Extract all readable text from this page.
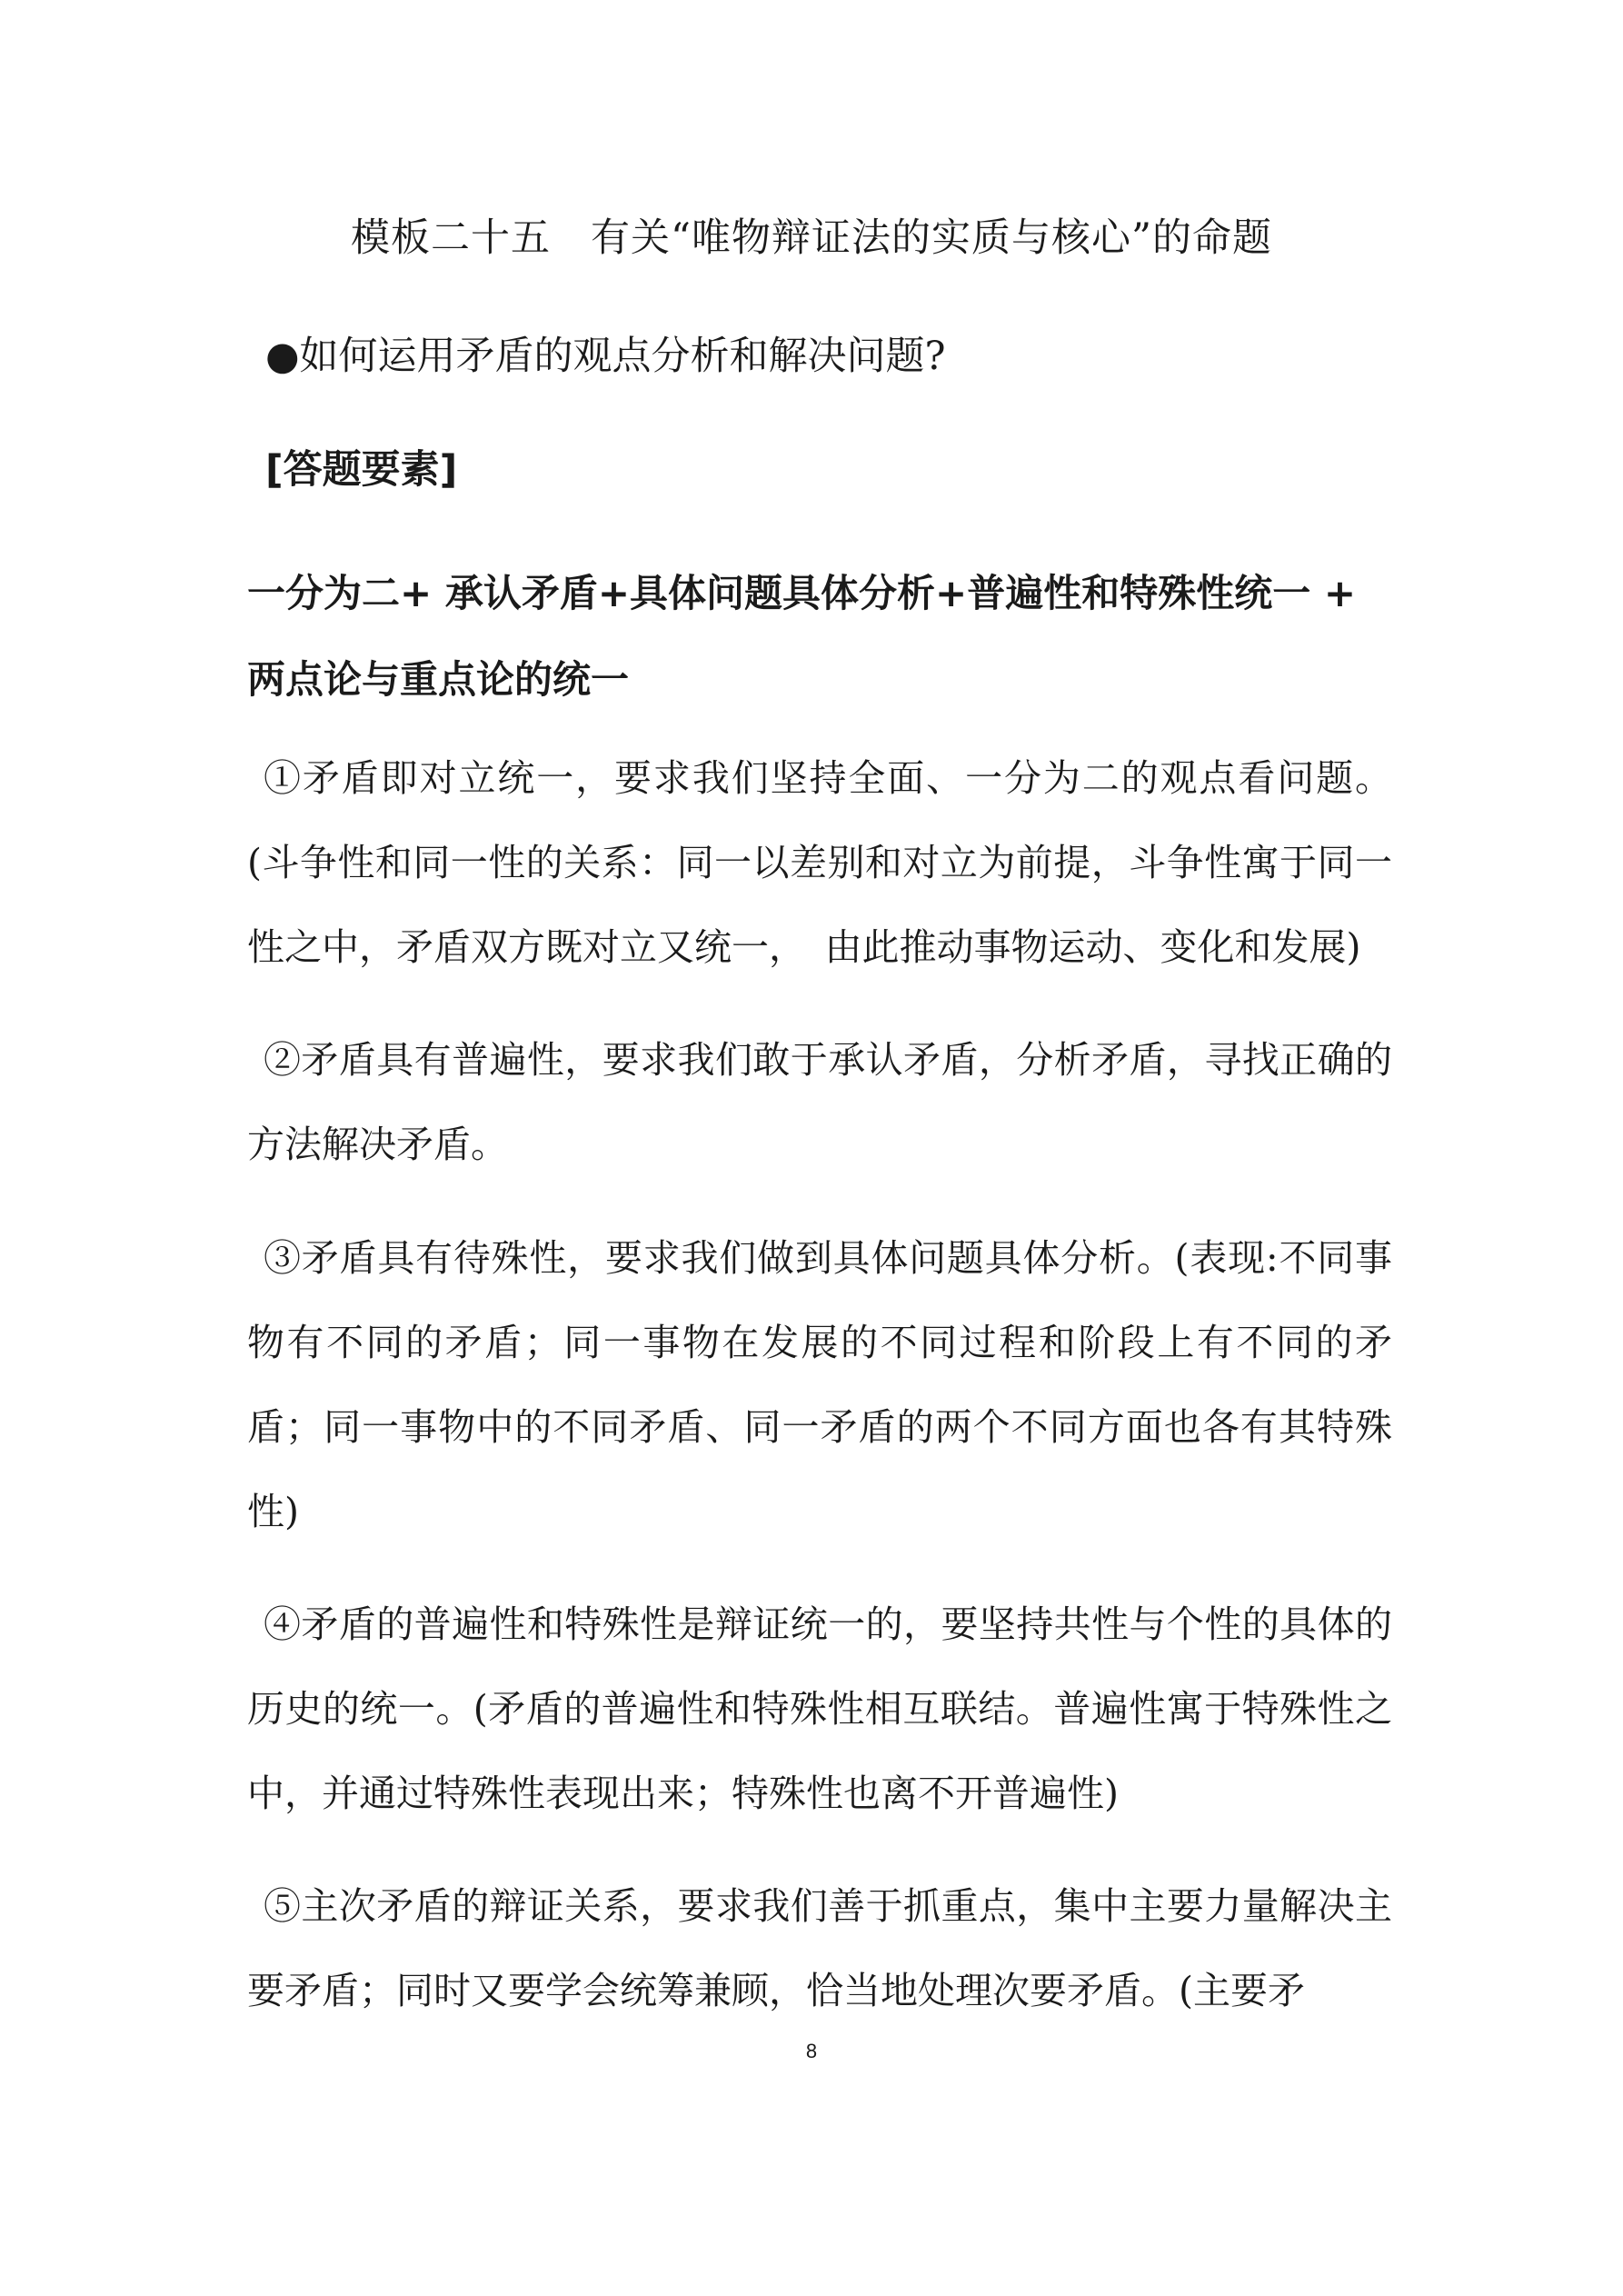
模板二十五　有关“唯物辩证法的实质与核心”的命题
●如何运用矛盾的观点分析和解决问题?
[答题要素]
一分为二+ 承认矛盾+具体问题具体分析+普遍性和特殊性统一 +
两点论与重点论的统一
①矛盾即对立统一，要求我们坚持全面、一分为二的观点看问题。(斗争性和同一性的关系：同一以差别和对立为前提，斗争性寓于同一性之中，矛盾双方既对立又统一，　由此推动事物运动、变化和发展)
②矛盾具有普遍性，要求我们敢于承认矛盾，分析矛盾，寻找正确的方法解决矛盾。
③矛盾具有待殊性，要求我们做到具体问题具体分析。(表现:不同事物有不同的矛盾；同一事物在发展的不同过程和阶段上有不同的矛盾；同一事物中的不同矛盾、同一矛盾的两个不同方面也各有其特殊性)
④矛盾的普遍性和特殊性是辩证统一的，要坚持共性与个性的具体的历史的统一。(矛盾的普遍性和特殊性相互联结。普遍性寓于特殊性之中，并通过特殊性表现出来；特殊性也离不开普遍性)
⑤主次矛盾的辩证关系，要求我们善于抓重点，集中主要力量解决主要矛盾；同时又要学会统筹兼顾，恰当地处理次要矛盾。(主要矛
8
